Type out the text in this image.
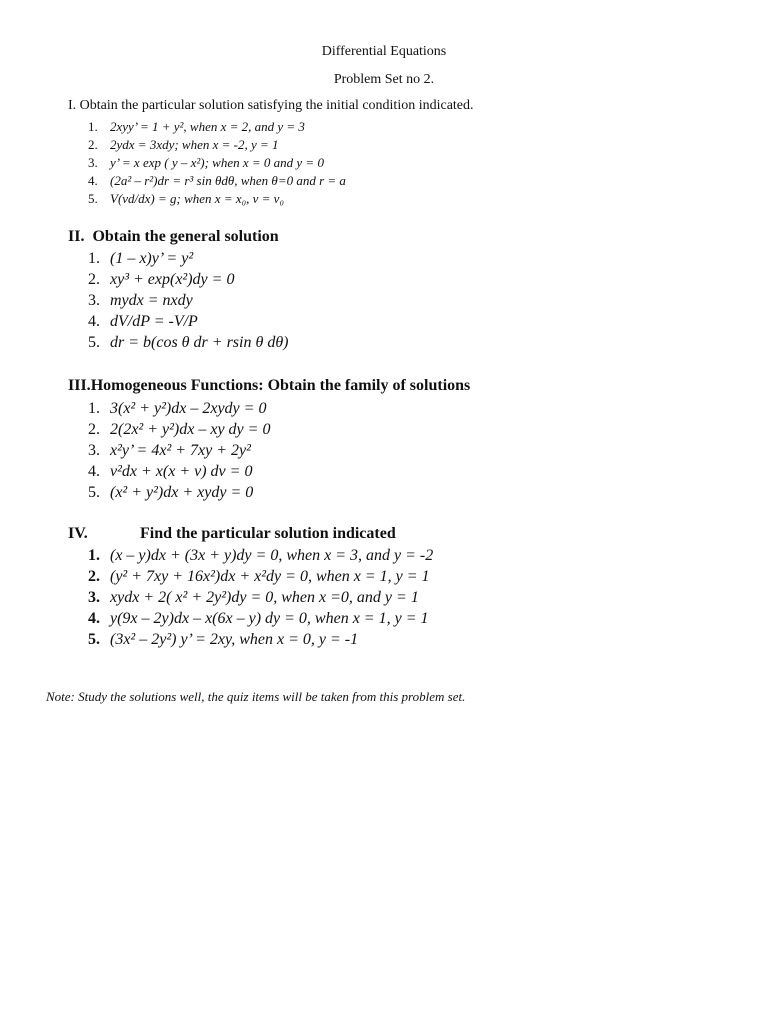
Differential Equations
Problem Set no 2.
I. Obtain the particular solution satisfying the initial condition indicated.
1. 2xyy’ = 1 + y², when x = 2, and y = 3
2. 2ydx = 3xdy; when x = -2, y = 1
3. y’ = x exp ( y – x²); when x = 0 and y = 0
4. (2a² – r²)dr = r³ sin θdθ, when θ=0 and r = a
5. V(vd/dx) = g; when x = x₀, v = v₀
II. Obtain the general solution
1. (1 – x)y’ = y²
2. xy³ + exp(x²)dy = 0
3. mydx = nxdy
4. dV/dP = -V/P
5. dr = b(cos θ dr + rsin θ dθ)
III.Homogeneous Functions: Obtain the family of solutions
1. 3(x² + y²)dx – 2xydy = 0
2. 2(2x² + y²)dx – xy dy = 0
3. x²y’ = 4x² + 7xy + 2y²
4. v²dx + x(x + v) dv = 0
5. (x² + y²)dx + xydy = 0
IV.	Find the particular solution indicated
1. (x – y)dx + (3x + y)dy = 0, when x = 3, and y = -2
2. (y² + 7xy + 16x²)dx + x²dy = 0, when x = 1, y = 1
3. xydx + 2( x² + 2y²)dy = 0, when x =0, and y = 1
4. y(9x – 2y)dx – x(6x – y) dy = 0, when x = 1, y = 1
5. (3x² – 2y²) y’ = 2xy, when x = 0, y = -1
Note: Study the solutions well, the quiz items will be taken from this problem set.
